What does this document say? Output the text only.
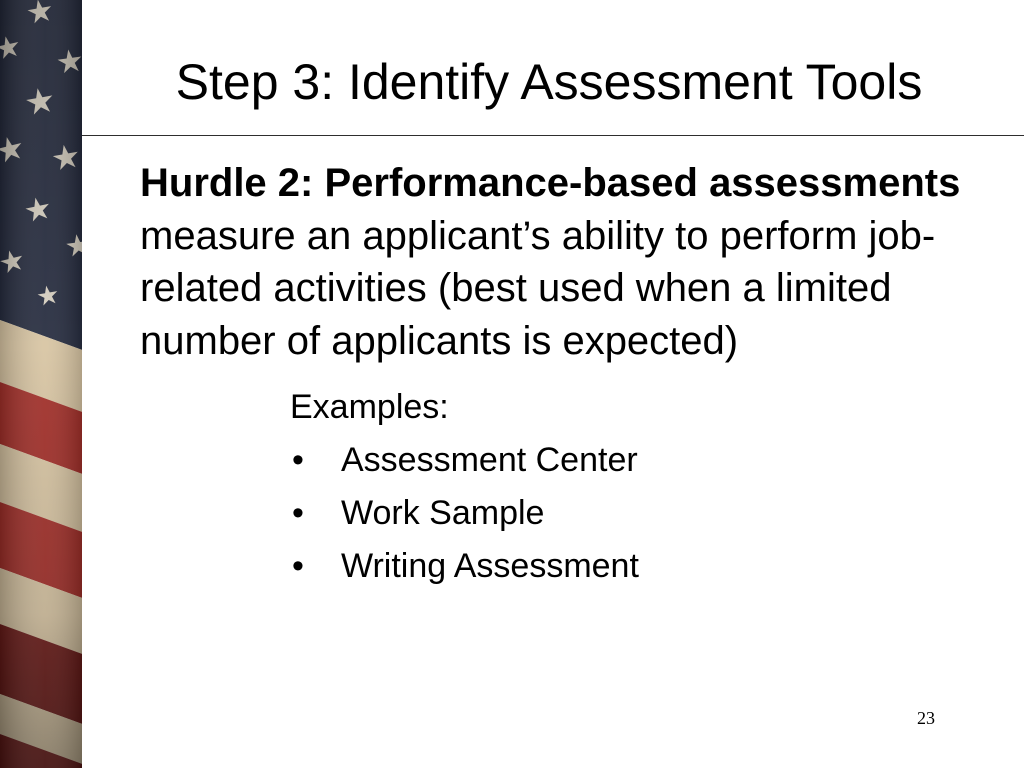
Step 3: Identify Assessment Tools
Hurdle 2: Performance-based assessments
measure an applicant’s ability to perform job-
related activities (best used when a limited
number of applicants is expected)
Examples:
• Assessment Center
• Work Sample
• Writing Assessment
23
